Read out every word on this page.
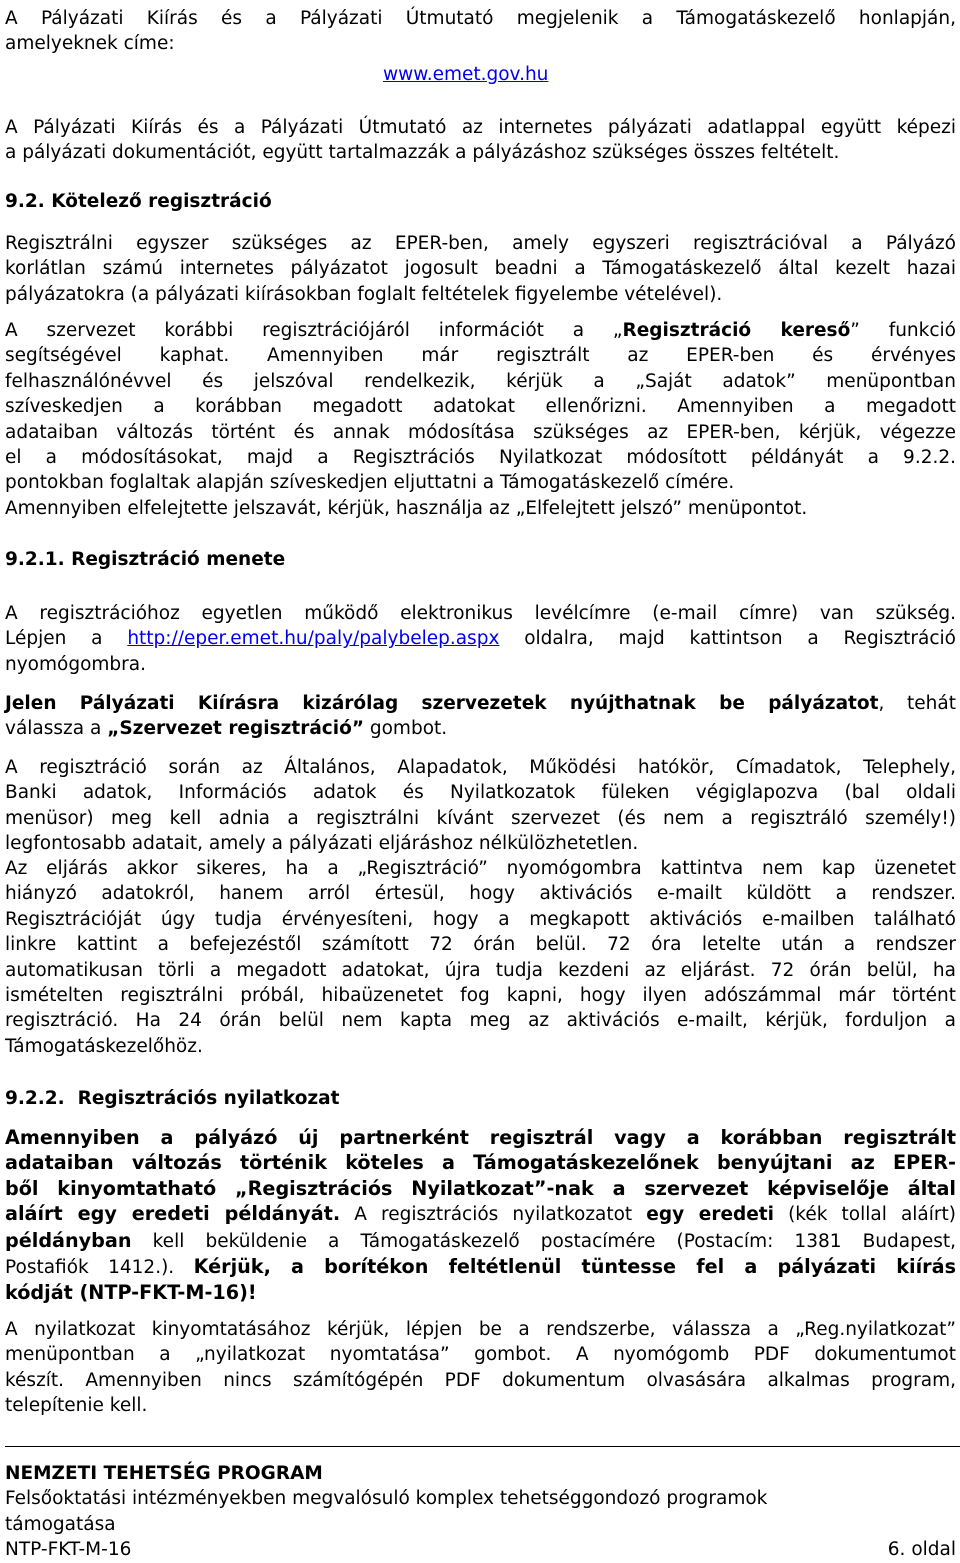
A Pályázati Kiírás és a Pályázati Útmutató megjelenik a Támogatáskezelő honlapján,
amelyeknek címe:
www.emet.gov.hu
A Pályázati Kiírás és a Pályázati Útmutató az internetes pályázati adatlappal együtt képezi
a pályázati dokumentációt, együtt tartalmazzák a pályázáshoz szükséges összes feltételt.
9.2. Kötelező regisztráció
Regisztrálni egyszer szükséges az EPER-ben, amely egyszeri regisztrációval a Pályázó
korlátlan számú internetes pályázatot jogosult beadni a Támogatáskezelő által kezelt hazai
pályázatokra (a pályázati kiírásokban foglalt feltételek figyelembe vételével).
A szervezet korábbi regisztrációjáról információt a „Regisztráció kereső” funkció
segítségével kaphat. Amennyiben már regisztrált az EPER-ben és érvényes
felhasználónévvel és jelszóval rendelkezik, kérjük a „Saját adatok” menüpontban
szíveskedjen a korábban megadott adatokat ellenőrizni. Amennyiben a megadott
adataiban változás történt és annak módosítása szükséges az EPER-ben, kérjük, végezze
el a módosításokat, majd a Regisztrációs Nyilatkozat módosított példányát a 9.2.2.
pontokban foglaltak alapján szíveskedjen eljuttatni a Támogatáskezelő címére.
Amennyiben elfelejtette jelszavát, kérjük, használja az „Elfelejtett jelszó” menüpontot.
9.2.1. Regisztráció menete
A regisztrációhoz egyetlen működő elektronikus levélcímre (e-mail címre) van szükség.
Lépjen a http://eper.emet.hu/paly/palybelep.aspx oldalra, majd kattintson a Regisztráció
nyomógombra.
Jelen Pályázati Kiírásra kizárólag szervezetek nyújthatnak be pályázatot, tehát
válassza a „Szervezet regisztráció” gombot.
A regisztráció során az Általános, Alapadatok, Működési hatókör, Címadatok, Telephely,
Banki adatok, Információs adatok és Nyilatkozatok füleken végiglapozva (bal oldali
menüsor) meg kell adnia a regisztrálni kívánt szervezet (és nem a regisztráló személy!)
legfontosabb adatait, amely a pályázati eljáráshoz nélkülözhetetlen.
Az eljárás akkor sikeres, ha a „Regisztráció” nyomógombra kattintva nem kap üzenetet
hiányzó adatokról, hanem arról értesül, hogy aktivációs e-mailt küldött a rendszer.
Regisztrációját úgy tudja érvényesíteni, hogy a megkapott aktivációs e-mailben található
linkre kattint a befejezéstől számított 72 órán belül. 72 óra letelte után a rendszer
automatikusan törli a megadott adatokat, újra tudja kezdeni az eljárást. 72 órán belül, ha
ismételten regisztrálni próbál, hibaüzenetet fog kapni, hogy ilyen adószámmal már történt
regisztráció. Ha 24 órán belül nem kapta meg az aktivációs e-mailt, kérjük, forduljon a
Támogatáskezelőhöz.
9.2.2.  Regisztrációs nyilatkozat
Amennyiben a pályázó új partnerként regisztrál vagy a korábban regisztrált
adataiban változás történik köteles a Támogatáskezelőnek benyújtani az EPER-
ből kinyomtatható „Regisztrációs Nyilatkozat”-nak a szervezet képviselője által
aláírt egy eredeti példányát. A regisztrációs nyilatkozatot egy eredeti (kék tollal aláírt)
példányban kell beküldenie a Támogatáskezelő postacímére (Postacím: 1381 Budapest,
Postafiók 1412.). Kérjük, a borítékon feltétlenül tüntesse fel a pályázati kiírás
kódját (NTP-FKT-M-16)!
A nyilatkozat kinyomtatásához kérjük, lépjen be a rendszerbe, válassza a „Reg.nyilatkozat”
menüpontban a „nyilatkozat nyomtatása” gombot. A nyomógomb PDF dokumentumot
készít. Amennyiben nincs számítógépén PDF dokumentum olvasására alkalmas program,
telepítenie kell.
NEMZETI TEHETSÉG PROGRAM
Felsőoktatási intézményekben megvalósuló komplex tehetséggondozó programok
támogatása
NTP-FKT-M-16	6. oldal
